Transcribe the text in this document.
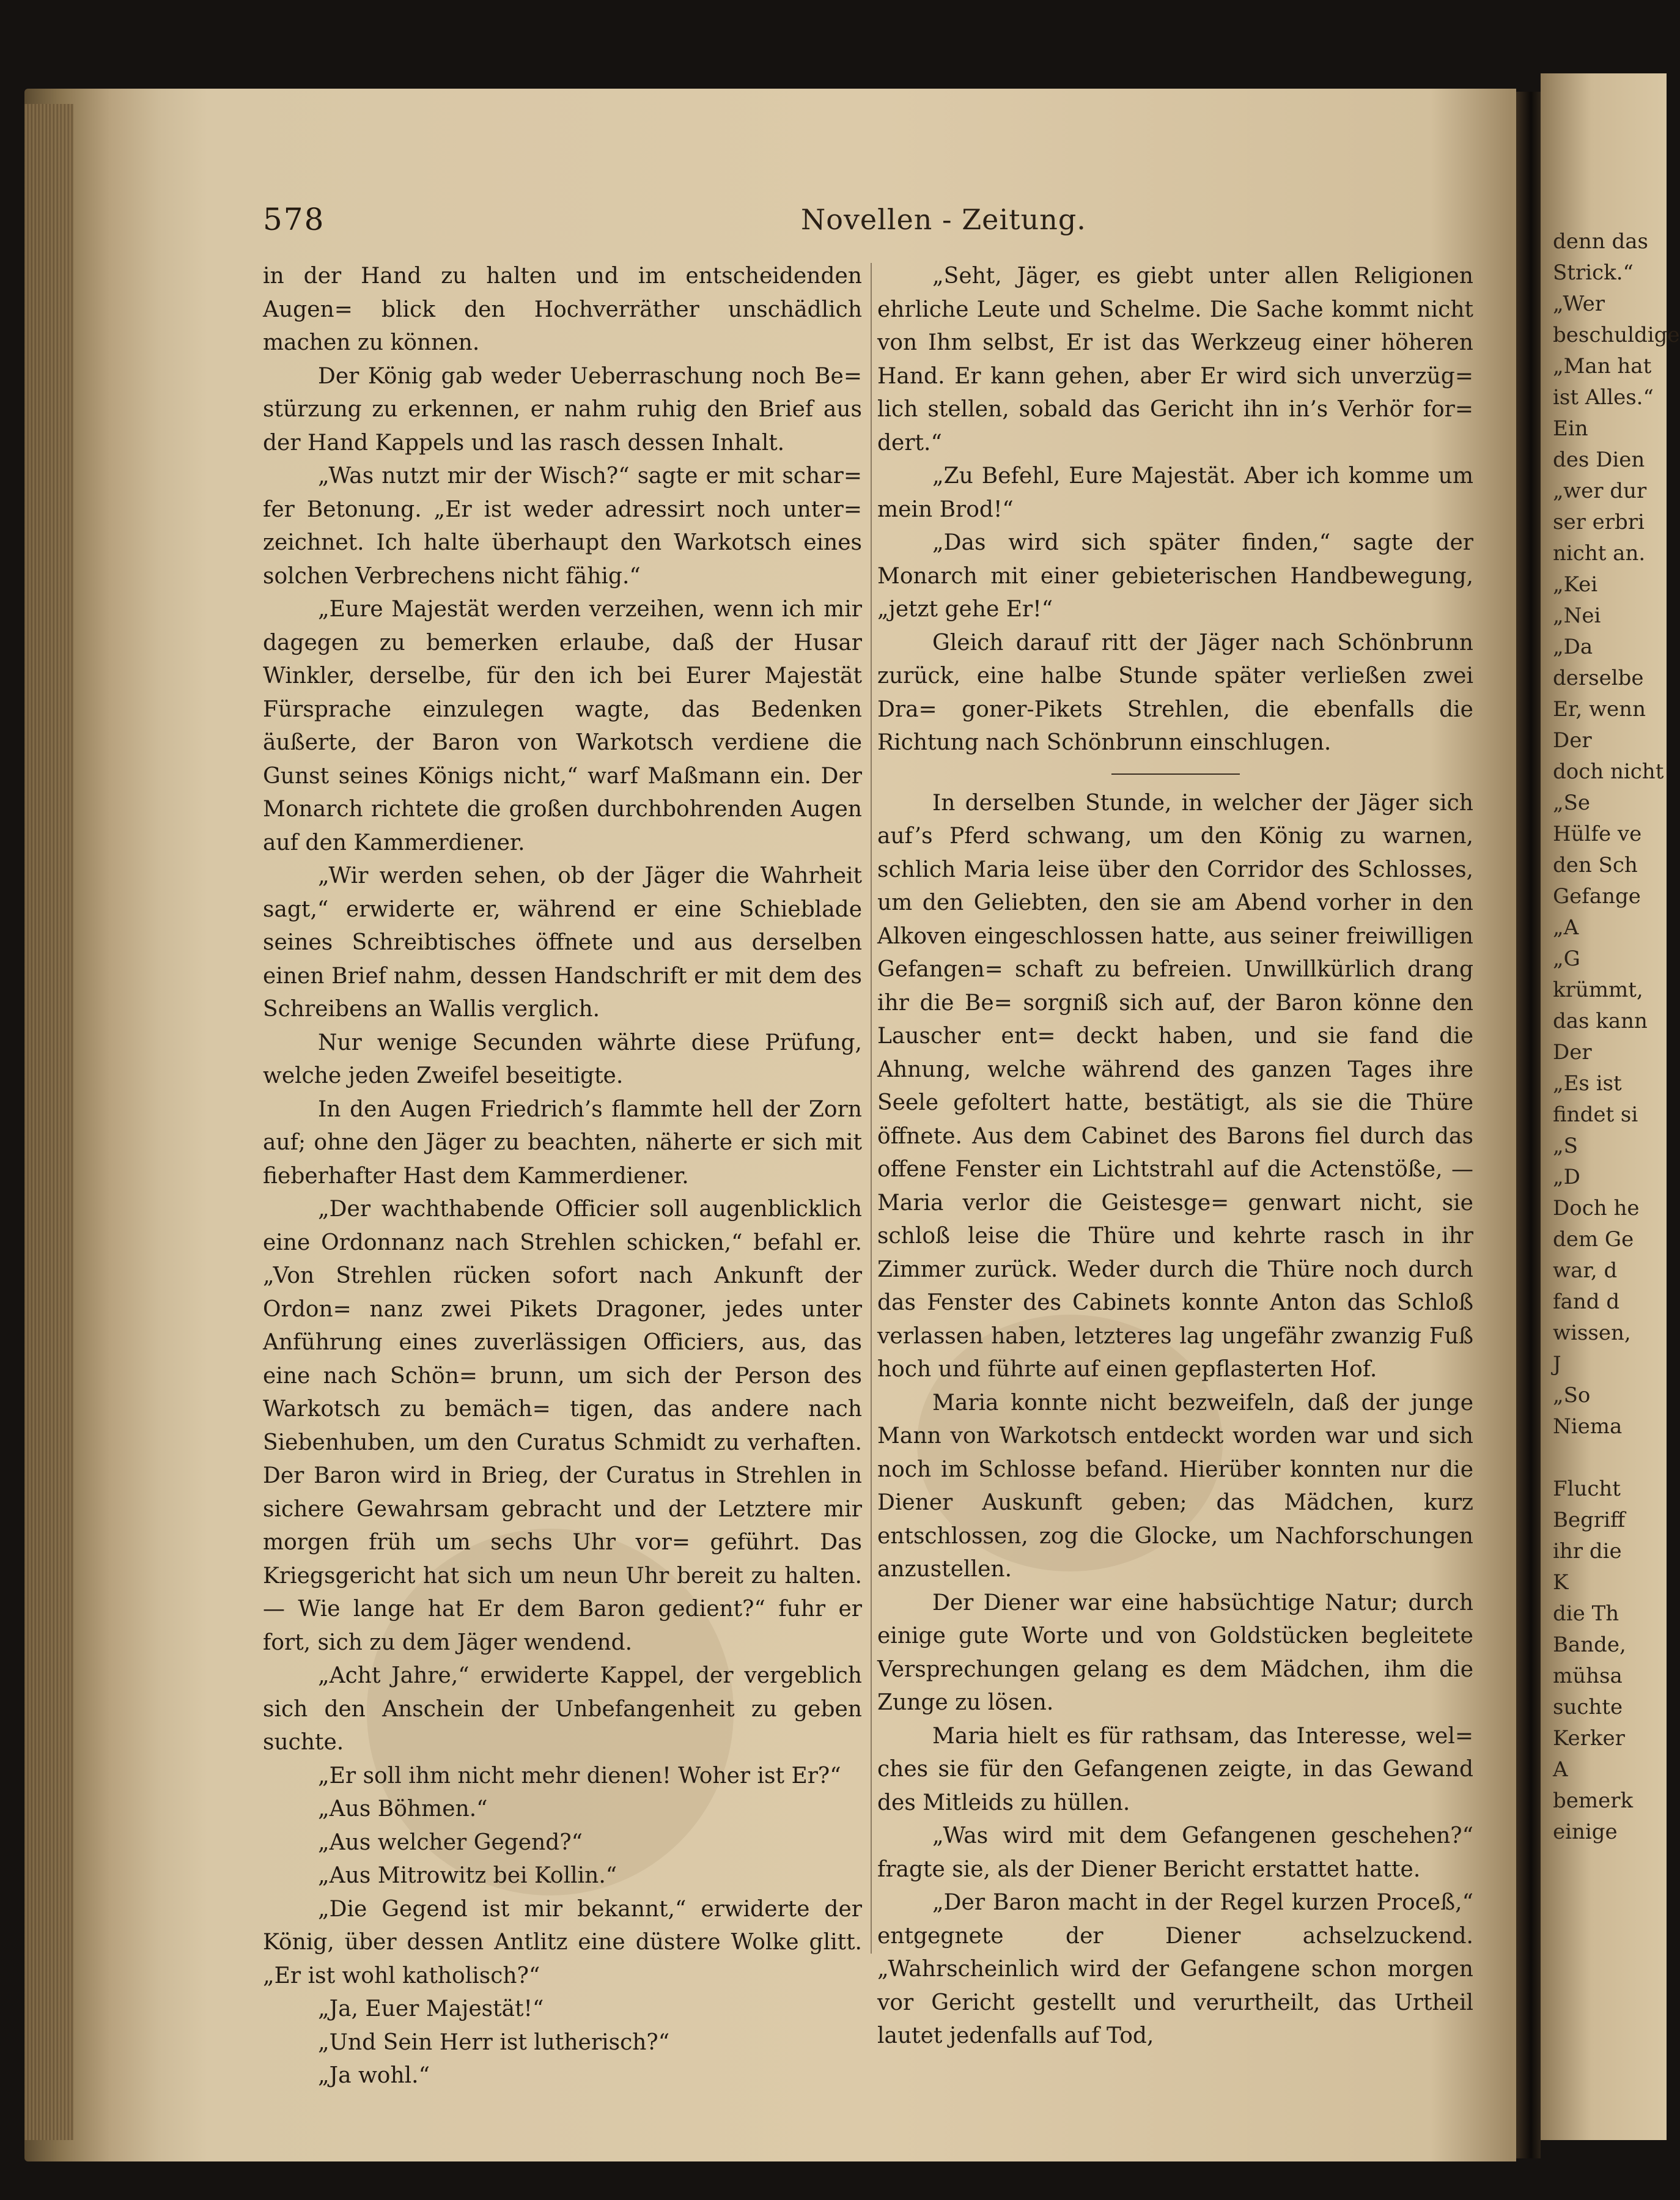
denn das
Strick.“
„Wer
beschuldige
„Man hat
ist Alles.“
Ein
des Dien
„wer dur
ser erbri
nicht an.
„Kei
„Nei
„Da
derselbe
Er, wenn
Der
doch nicht
„Se
Hülfe ve
den Sch
Gefange
„A
„G
krümmt,
das kann
Der
„Es ist
findet si
„S
„D
Doch he
dem Ge
war, d
fand d
wissen,
J
„So
Niema

Flucht
Begriff
ihr die
K
die Th
Bande,
mühsa
suchte
Kerker
A
bemerk
einige
578	Novellen - Zeitung.

in der Hand zu halten und im entscheidenden Augen= blick den Hochverräther unschädlich machen zu können.

Der König gab weder Ueberraschung noch Be= stürzung zu erkennen, er nahm ruhig den Brief aus der Hand Kappels und las rasch dessen Inhalt.

„Was nutzt mir der Wisch?“ sagte er mit schar= fer Betonung. „Er ist weder adressirt noch unter= zeichnet. Ich halte überhaupt den Warkotsch eines solchen Verbrechens nicht fähig.“

„Eure Majestät werden verzeihen, wenn ich mir dagegen zu bemerken erlaube, daß der Husar Winkler, derselbe, für den ich bei Eurer Majestät Fürsprache einzulegen wagte, das Bedenken äußerte, der Baron von Warkotsch verdiene die Gunst seines Königs nicht,“ warf Maßmann ein. Der Monarch richtete die großen durchbohrenden Augen auf den Kammerdiener.

„Wir werden sehen, ob der Jäger die Wahrheit sagt,“ erwiderte er, während er eine Schieblade seines Schreibtisches öffnete und aus derselben einen Brief nahm, dessen Handschrift er mit dem des Schreibens an Wallis verglich.

Nur wenige Secunden währte diese Prüfung, welche jeden Zweifel beseitigte.

In den Augen Friedrich’s flammte hell der Zorn auf; ohne den Jäger zu beachten, näherte er sich mit fieberhafter Hast dem Kammerdiener.

„Der wachthabende Officier soll augenblicklich eine Ordonnanz nach Strehlen schicken,“ befahl er. „Von Strehlen rücken sofort nach Ankunft der Ordon= nanz zwei Pikets Dragoner, jedes unter Anführung eines zuverlässigen Officiers, aus, das eine nach Schön= brunn, um sich der Person des Warkotsch zu bemäch= tigen, das andere nach Siebenhuben, um den Curatus Schmidt zu verhaften. Der Baron wird in Brieg, der Curatus in Strehlen in sichere Gewahrsam gebracht und der Letztere mir morgen früh um sechs Uhr vor= geführt. Das Kriegsgericht hat sich um neun Uhr bereit zu halten. — Wie lange hat Er dem Baron gedient?“ fuhr er fort, sich zu dem Jäger wendend.

„Acht Jahre,“ erwiderte Kappel, der vergeblich sich den Anschein der Unbefangenheit zu geben suchte.

„Er soll ihm nicht mehr dienen! Woher ist Er?“

„Aus Böhmen.“

„Aus welcher Gegend?“

„Aus Mitrowitz bei Kollin.“

„Die Gegend ist mir bekannt,“ erwiderte der König, über dessen Antlitz eine düstere Wolke glitt. „Er ist wohl katholisch?“

„Ja, Euer Majestät!“

„Und Sein Herr ist lutherisch?“

„Ja wohl.“

„Seht, Jäger, es giebt unter allen Religionen ehrliche Leute und Schelme. Die Sache kommt nicht von Ihm selbst, Er ist das Werkzeug einer höheren Hand. Er kann gehen, aber Er wird sich unverzüg= lich stellen, sobald das Gericht ihn in’s Verhör for= dert.“

„Zu Befehl, Eure Majestät. Aber ich komme um mein Brod!“

„Das wird sich später finden,“ sagte der Monarch mit einer gebieterischen Handbewegung, „jetzt gehe Er!“

Gleich darauf ritt der Jäger nach Schönbrunn zurück, eine halbe Stunde später verließen zwei Dra= goner-Pikets Strehlen, die ebenfalls die Richtung nach Schönbrunn einschlugen.

In derselben Stunde, in welcher der Jäger sich auf’s Pferd schwang, um den König zu warnen, schlich Maria leise über den Corridor des Schlosses, um den Geliebten, den sie am Abend vorher in den Alkoven eingeschlossen hatte, aus seiner freiwilligen Gefangen= schaft zu befreien. Unwillkürlich drang ihr die Be= sorgniß sich auf, der Baron könne den Lauscher ent= deckt haben, und sie fand die Ahnung, welche während des ganzen Tages ihre Seele gefoltert hatte, bestätigt, als sie die Thüre öffnete. Aus dem Cabinet des Barons fiel durch das offene Fenster ein Lichtstrahl auf die Actenstöße, — Maria verlor die Geistesge= genwart nicht, sie schloß leise die Thüre und kehrte rasch in ihr Zimmer zurück. Weder durch die Thüre noch durch das Fenster des Cabinets konnte Anton das Schloß verlassen haben, letzteres lag ungefähr zwanzig Fuß hoch und führte auf einen gepflasterten Hof.

Maria konnte nicht bezweifeln, daß der junge Mann von Warkotsch entdeckt worden war und sich noch im Schlosse befand. Hierüber konnten nur die Diener Auskunft geben; das Mädchen, kurz entschlossen, zog die Glocke, um Nachforschungen anzustellen.

Der Diener war eine habsüchtige Natur; durch einige gute Worte und von Goldstücken begleitete Versprechungen gelang es dem Mädchen, ihm die Zunge zu lösen.

Maria hielt es für rathsam, das Interesse, wel= ches sie für den Gefangenen zeigte, in das Gewand des Mitleids zu hüllen.

„Was wird mit dem Gefangenen geschehen?“ fragte sie, als der Diener Bericht erstattet hatte.

„Der Baron macht in der Regel kurzen Proceß,“ entgegnete der Diener achselzuckend. „Wahrscheinlich wird der Gefangene schon morgen vor Gericht gestellt und verurtheilt, das Urtheil lautet jedenfalls auf Tod,
